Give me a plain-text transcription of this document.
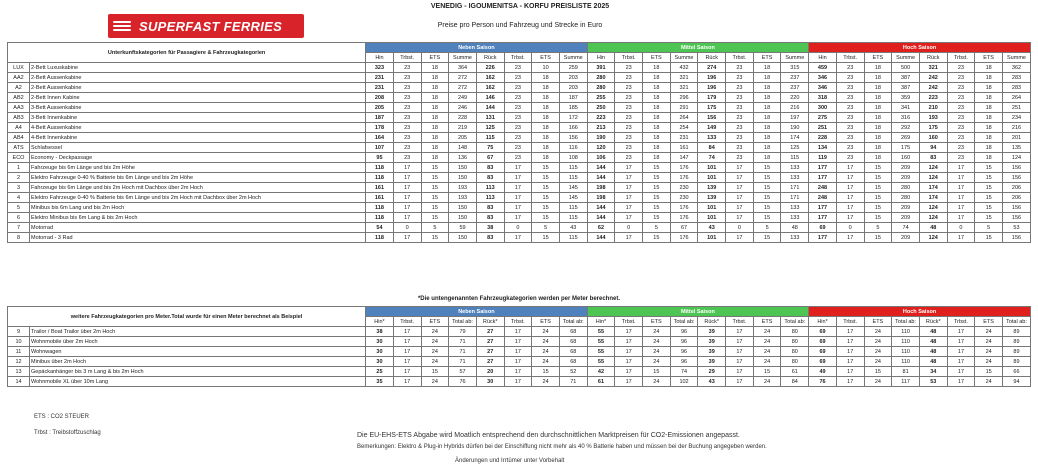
SUPERFAST FERRIES
VENEDIG - IGOUMENITSA - KORFU PREISLISTE 2025
Preise pro Person und Fahrzeug und Strecke in Euro
Unterkunftskategorien für Passagiere & Fahrzeugkategorien		Neben Saison								Mittel Saison								Hoch Saison							
		Hin	Trbst.	ETS	Summe	Rück	Trbst.	ETS	Summe	Hin	Trbst.	ETS	Summe	Rück	Trbst.	ETS	Summe	Hin	Trbst.	ETS	Summe	Rück	Trbst.	ETS	Summe
LUX	2-Bett Luxuskabine	323	23	18	364	226	23	10	259	391	23	18	432	274	23	18	315	459	23	18	500	321	23	18	362
AA2	2-Bett Aussenkabine	231	23	18	272	162	23	18	203	280	23	18	321	196	23	18	237	346	23	18	387	242	23	18	283
A2	2-Bett Aussenkabine	231	23	18	272	162	23	18	203	280	23	18	321	196	23	18	237	346	23	18	387	242	23	18	283
AB2	2-Bett Innen Kabine	208	23	18	249	146	23	18	187	255	23	18	296	179	23	18	220	318	23	18	359	223	23	18	264
AA3	3-Bett Aussenkabine	205	23	18	246	144	23	18	185	250	23	18	291	175	23	18	216	300	23	18	341	210	23	18	251
AB3	3-Bett Innenkabine	187	23	18	228	131	23	18	172	223	23	18	264	156	23	18	197	275	23	18	316	193	23	18	234
A4	4-Bett Aussenkabine	178	23	18	219	125	23	18	166	213	23	18	254	149	23	18	190	251	23	18	292	175	23	18	216
AB4	4-Bett Innenkabine	164	23	18	205	115	23	18	156	190	23	18	231	133	23	18	174	228	23	18	269	160	23	18	201
ATS	Schlafsessel	107	23	18	148	75	23	18	116	120	23	18	161	84	23	18	125	134	23	18	175	94	23	18	135
ECO	Economy - Deckpassage	95	23	18	136	67	23	18	108	106	23	18	147	74	23	18	115	119	23	18	160	83	23	18	124
1	Fahrzeuge bis 6m Länge und bis 2m Höhe	118	17	15	150	83	17	15	115	144	17	15	176	101	17	15	133	177	17	15	209	124	17	15	156
2	Elektro Fahrzeuge 0-40 % Batterie bis 6m Länge und bis 2m Höhe	118	17	15	150	83	17	15	115	144	17	15	176	101	17	15	133	177	17	15	209	124	17	15	156
3	Fahrzeuge bis 6m Länge und bis 2m Hoch mit Dachbox über 2m Hoch	161	17	15	193	113	17	15	145	198	17	15	230	139	17	15	171	248	17	15	280	174	17	15	206
4	Elektro Fahrzeuge 0-40 % Batterie bis 6m Länge und bis 2m Hoch mit Dachbox über 2m Hoch	161	17	15	193	113	17	15	145	198	17	15	230	139	17	15	171	248	17	15	280	174	17	15	206
5	Minibus bis 6m Lang und bis 2m Hoch	118	17	15	150	83	17	15	115	144	17	15	176	101	17	15	133	177	17	15	209	124	17	15	156
6	Elektro Minibus bis 6m Lang & bis 2m Hoch	118	17	15	150	83	17	15	115	144	17	15	176	101	17	15	133	177	17	15	209	124	17	15	156
7	Motorrad	54	0	5	59	38	0	5	43	62	0	5	67	43	0	5	48	69	0	5	74	48	0	5	53
8	Motorrad - 3 Rad	118	17	15	150	83	17	15	115	144	17	15	176	101	17	15	133	177	17	15	209	124	17	15	156
*Die untengenannten Fahrzeugkategorien werden per Meter berechnet.
weitere Fahrzeugkategorien pro Meter.Total wurde für einen Meter berechnet als Beispiel		Neben Saison								Mittel Saison								Hoch Saison							
		Hin*	Trbst.	ETS	Total ab:	Rück*	Trbst.	ETS	Total ab:	Hin*	Trbst.	ETS	Total ab:	Rück*	Trbst.	ETS	Total ab:	Hin*	Trbst.	ETS	Total ab:	Rück*	Trbst.	ETS	Total ab:
9	Trailor / Boat Trailor über 2m Hoch	38	17	24	79	27	17	24	68	55	17	24	96	39	17	24	80	69	17	24	110	48	17	24	89
10	Wohnmobile über 2m Hoch	30	17	24	71	27	17	24	68	55	17	24	96	39	17	24	80	69	17	24	110	48	17	24	89
11	Wohnwagen	30	17	24	71	27	17	24	68	55	17	24	96	39	17	24	80	69	17	24	110	48	17	24	89
12	Minibus über 2m Hoch	30	17	24	71	27	17	24	68	55	17	24	96	39	17	24	80	69	17	24	110	48	17	24	89
13	Gepäckanhänger bis 3 m Lang & bis 2m Hoch	25	17	15	57	20	17	15	52	42	17	15	74	29	17	15	61	49	17	15	81	34	17	15	66
14	Wohnmobile XL über 10m Lang	35	17	24	76	30	17	24	71	61	17	24	102	43	17	24	84	76	17	24	117	53	17	24	94
ETS : CO2 STEUER
Trbst : Treibstoffzuschlag	Die EU-EHS-ETS Abgabe wird Moatlich entsprechend den durchschnittlichen Marktpreisen für CO2-Emissionen angepasst.
Bemerkungen: Elektro & Plug-in Hybrids dürfen bei der Einschiffung nicht mehr als 40 % Batterie haben und müssen bei der Buchung angegeben werden.
Änderungen und Irrtümer unter Vorbehalt
